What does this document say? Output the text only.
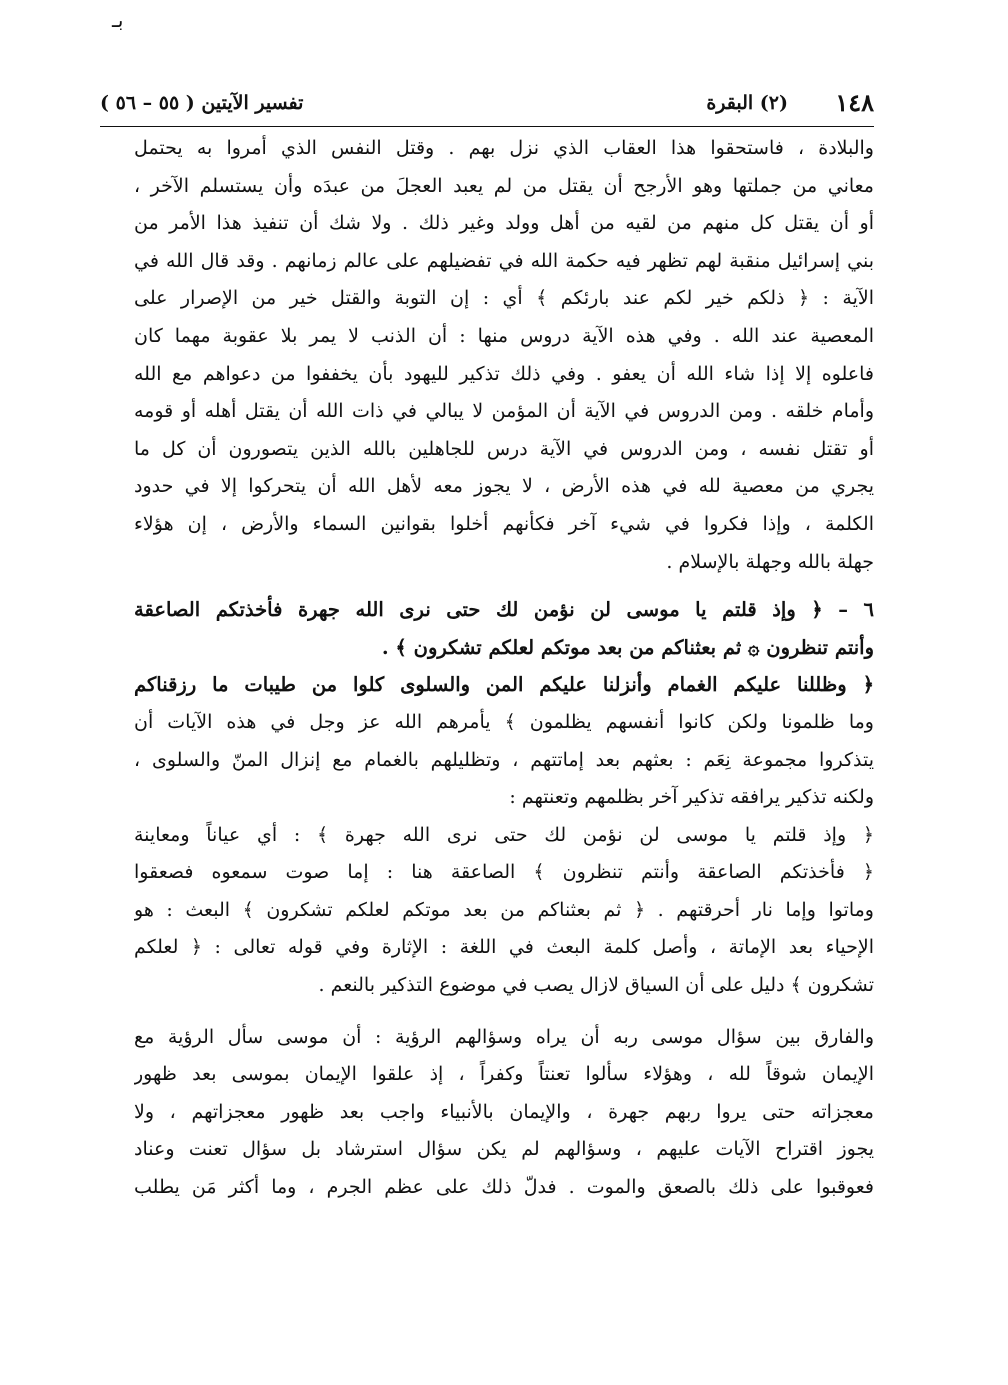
بـ
١٤٨
(٢) البقرة
تفسير الآيتين ( ٥٥ – ٥٦ )
والبلادة ، فاستحقوا هذا العقاب الذي نزل بهم . وقتل النفس الذي أمروا به يحتمل
معاني من جملتها وهو الأرجح أن يقتل من لم يعبد العجلَ من عبدَه وأن يستسلم الآخر ،
أو أن يقتل كل منهم من لقيه من أهل وولد وغير ذلك . ولا شك أن تنفيذ هذا الأمر من
بني إسرائيل منقبة لهم تظهر فيه حكمة الله في تفضيلهم على عالم زمانهم . وقد قال الله في
الآية : ﴿ ذلكم خير لكم عند بارئكم ﴾ أي : إن التوبة والقتل خير من الإصرار على
المعصية عند الله . وفي هذه الآية دروس منها : أن الذنب لا يمر بلا عقوبة مهما كان
فاعلوه إلا إذا شاء الله أن يعفو . وفي ذلك تذكير لليهود بأن يخففوا من دعواهم مع الله
وأمام خلقه . ومن الدروس في الآية أن المؤمن لا يبالي في ذات الله أن يقتل أهله أو قومه
أو تقتل نفسه ، ومن الدروس في الآية درس للجاهلين بالله الذين يتصورون أن كل ما
يجري من معصية لله في هذه الأرض ، لا يجوز معه لأهل الله أن يتحركوا إلا في حدود
الكلمة ، وإذا فكروا في شيء آخر فكأنهم أخلوا بقوانين السماء والأرض ، إن هؤلاء
جهلة بالله وجهلة بالإسلام .
٦ – ﴿ وإذ قلتم يا موسى لن نؤمن لك حتى نرى الله جهرة فأخذتكم الصاعقة
وأنتم تنظرون ۞ ثم بعثناكم من بعد موتكم لعلكم تشكرون ﴾ .
﴿ وظللنا عليكم الغمام وأنزلنا عليكم المن والسلوى كلوا من طيبات ما رزقناكم
وما ظلمونا ولكن كانوا أنفسهم يظلمون ﴾ يأمرهم الله عز وجل في هذه الآيات أن
يتذكروا مجموعة نِعَم : بعثهم بعد إماتتهم ، وتظليلهم بالغمام مع إنزال المنّ والسلوى ،
ولكنه تذكير يرافقه تذكير آخر بظلمهم وتعنتهم :
﴿ وإذ قلتم يا موسى لن نؤمن لك حتى نرى الله جهرة ﴾ : أي عياناً ومعاينة
﴿ فأخذتكم الصاعقة وأنتم تنظرون ﴾ الصاعقة هنا : إما صوت سمعوه فصعقوا
وماتوا وإما نار أحرقتهم . ﴿ ثم بعثناكم من بعد موتكم لعلكم تشكرون ﴾ البعث : هو
الإحياء بعد الإماتة ، وأصل كلمة البعث في اللغة : الإثارة وفي قوله تعالى : ﴿ لعلكم
تشكرون ﴾ دليل على أن السياق لازال يصب في موضوع التذكير بالنعم .
والفارق بين سؤال موسى ربه أن يراه وسؤالهم الرؤية : أن موسى سأل الرؤية مع
الإيمان شوقاً لله ، وهؤلاء سألوا تعنتاً وكفراً ، إذ علقوا الإيمان بموسى بعد ظهور
معجزاته حتى يروا ربهم جهرة ، والإيمان بالأنبياء واجب بعد ظهور معجزاتهم ، ولا
يجوز اقتراح الآيات عليهم ، وسؤالهم لم يكن سؤال استرشاد بل سؤال تعنت وعناد
فعوقبوا على ذلك بالصعق والموت . فدلّ ذلك على عظم الجرم ، وما أكثر مَن يطلب
